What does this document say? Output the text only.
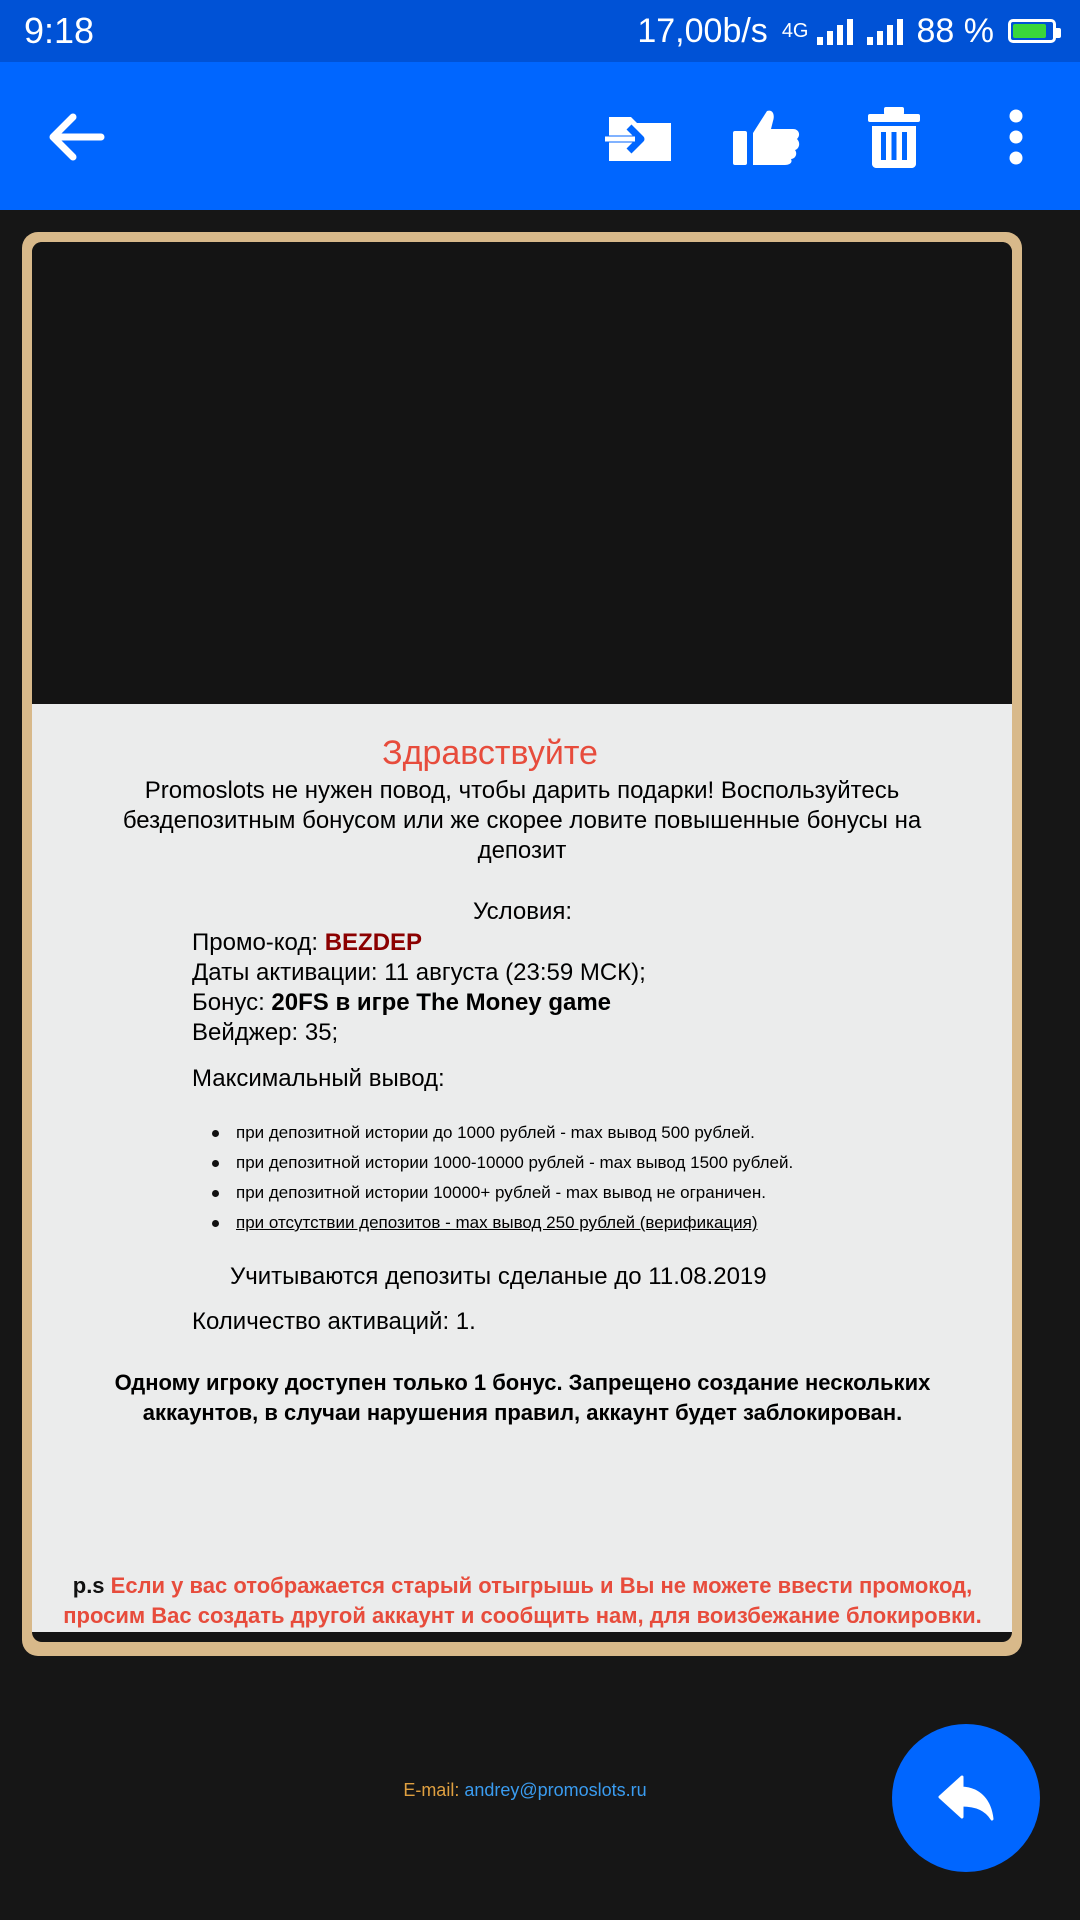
9:18	17,00b/s 4G	88 %
Здравствуйте
Promoslots не нужен повод, чтобы дарить подарки! Воспользуйтесь бездепозитным бонусом или же скорее ловите повышенные бонусы на депозит
Условия:
Промо-код: BEZDEP
Даты активации: 11 августа (23:59 МСК);
Бонус: 20FS в игре The Money game
Вейджер: 35;
Максимальный вывод:
при депозитной истории до 1000 рублей - max вывод 500 рублей.
при депозитной истории 1000-10000 рублей - max вывод 1500 рублей.
при депозитной истории 10000+ рублей - max вывод не ограничен.
при отсутствии депозитов - max вывод 250 рублей (верификация)
Учитываются депозиты сделаные до 11.08.2019
Количество активаций: 1.
Одному игроку доступен только 1 бонус. Запрещено создание нескольких аккаунтов, в случаи нарушения правил, аккаунт будет заблокирован.
p.s Если у вас отображается старый отыгрышь и Вы не можете ввести промокод, просим Вас создать другой аккаунт и сообщить нам, для воизбежание блокировки.
E-mail: andrey@promoslots.ru
